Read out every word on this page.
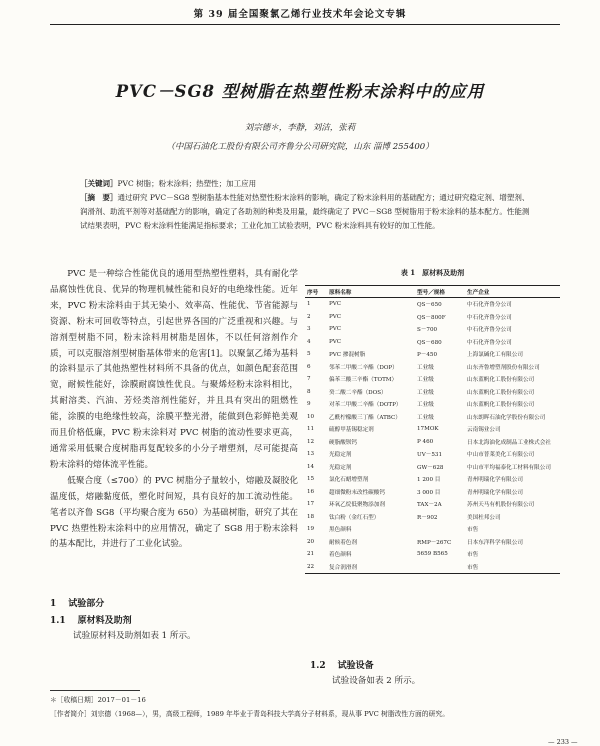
第 39 届全国聚氯乙烯行业技术年会论文专辑
PVC－SG8 型树脂在热塑性粉末涂料中的应用
刘宗德＊，李静，刘洁，张莉
（中国石油化工股份有限公司齐鲁分公司研究院，山东 淄博 255400）
［关键词］PVC 树脂；粉末涂料；热塑性；加工应用
［摘　要］通过研究 PVC－SG8 型树脂基本性能对热塑性粉末涂料的影响，确定了粉末涂料用的基础配方；通过研究稳定剂、增塑剂、润滑剂、助流平剂等对基础配方的影响，确定了各助剂的种类及用量，最终确定了 PVC－SG8 型树脂用于粉末涂料的基本配方。性能测试结果表明，PVC 粉末涂料性能满足指标要求；工业化加工试验表明，PVC 粉末涂料具有较好的加工性能。

PVC 是一种综合性能优良的通用型热塑性塑料，具有耐化学品腐蚀性优良、优异的物理机械性能和良好的电绝缘性能。近年来，PVC 粉末涂料由于其无染小、效率高、性能优、节省能源与资源、粉末可回收等特点，引起世界各国的广泛重视和兴趣。与溶剂型树脂不同，粉末涂料用树脂是固体，不以任何溶剂作介质，可以克服溶剂型树脂基体带来的危害[1]。以聚氯乙烯为基料的涂料显示了其他热塑性材料所不具备的优点，如颜色配套范围宽，耐候性能好，涂膜耐腐蚀性优良。与聚烯烃粉末涂料相比，其耐溶类、汽油、芳烃类溶剂性能好，并且具有突出的阻燃性能，涂膜的电绝缘性较高，涂膜平整光滑，能做到色彩鲜艳美观而且价格低廉，PVC 粉末涂料对 PVC 树脂的流动性要求更高，通常采用低聚合度树脂再复配较多的小分子增塑剂，尽可能提高粉末涂料的熔体流平性能。

低聚合度（≤700）的 PVC 树脂分子量较小，熔融及凝胶化温度低，熔融黏度低，塑化时间短，具有良好的加工流动性能。笔者以齐鲁 SG8（平均聚合度为 650）为基础树脂，研究了其在 PVC 热塑性粉末涂料中的应用情况，确定了 SG8 用于粉末涂料的基本配比，并进行了工业化试验。

1 试验部分
1.1 原材料及助剂
试验原材料及助剂如表 1 所示。
表 1　原材料及助剂
序号	原料名称	型号／规格	生产企业
1	PVC	QS－650	中石化齐鲁分公司
2	PVC	QS－800F	中石化齐鲁分公司
3	PVC	S－700	中石化齐鲁分公司
4	PVC	QS－680	中石化齐鲁分公司
5	PVC 掺混树脂	P－450	上海氯碱化工有限公司
6	邻苯二甲酸二辛酯（DOP）	工业级	山东齐鲁增塑剂股份有限公司
7	偏苯三酸三辛酯（TOTM）	工业级	山东蓝帆化工股份有限公司
8	癸二酸二辛酯（DOS）	工业级	山东蓝帆化工股份有限公司
9	对苯二甲酸二辛酯（DOTP）	工业级	山东蓝帆化工股份有限公司
10	乙酰柠檬酸三丁酯（ATBC）	工业级	山东朗晖石油化学股份有限公司
11	硫醇甲基锡稳定剂	17MOK	云南锡业公司
12	硬脂酸钡钙	P 460	日本北海油化成制品工业株式会社
13	光稳定剂	UV－531	中山市普莱美化工有限公司
14	光稳定剂	GW－628	中山市平均福泰化工材料有限公司
15	氯化石蜡增塑剂	1 200 目	青州明瑞化学有限公司
16	超细微粉末改性碳酸钙	3 000 目	青州明瑞化学有限公司
17	环氧乙烷低聚物添加剂	TAX－2A	苏州天马有机股份有限公司
18	钛白粉（金红石型）	R－902	美国杜邦公司
19	黑色颜料		市售
20	耐候着色剂	RMP－267C	日本东洋科学有限公司
21	着色颜料	5659 B565	市售
22	复合润滑剂		市售
1.2 试验设备
试验设备如表 2 所示。
＊［收稿日期］2017－01－16
［作者简介］刘宗德（1968—），男，高级工程师，1989 年毕业于青岛科技大学高分子材料系，现从事 PVC 树脂改性方面的研究。
— 233 —
